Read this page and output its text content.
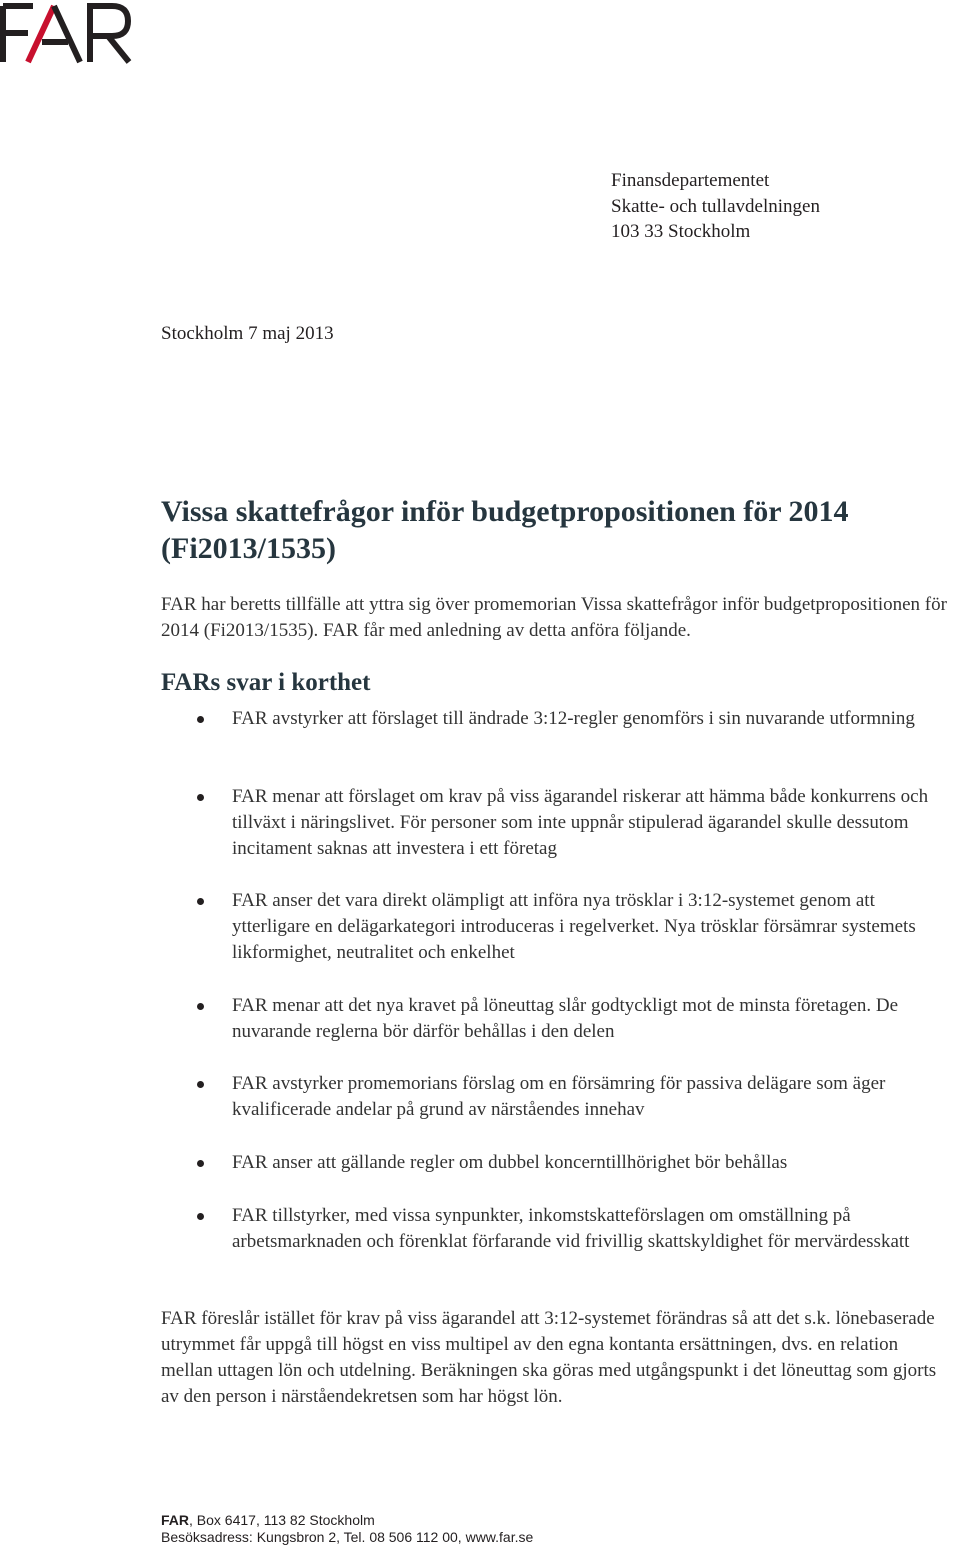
Finansdepartementet
Skatte- och tullavdelningen
103 33 Stockholm
Stockholm 7 maj 2013
Vissa skattefrågor inför budgetpropositionen för 2014 (Fi2013/1535)

FAR har beretts tillfälle att yttra sig över promemorian Vissa skattefrågor inför budgetpropositionen för 2014 (Fi2013/1535). FAR får med anledning av detta anföra följande.

FARs svar i korthet
FAR avstyrker att förslaget till ändrade 3:12-regler genomförs i sin nuvarande utformning
FAR menar att förslaget om krav på viss ägarandel riskerar att hämma både konkurrens och tillväxt i näringslivet. För personer som inte uppnår stipulerad ägarandel skulle dessutom incitament saknas att investera i ett företag
FAR anser det vara direkt olämpligt att införa nya trösklar i 3:12-systemet genom att ytterligare en delägarkategori introduceras i regelverket. Nya trösklar försämrar systemets likformighet, neutralitet och enkelhet
FAR menar att det nya kravet på löneuttag slår godtyckligt mot de minsta företagen. De nuvarande reglerna bör därför behållas i den delen
FAR avstyrker promemorians förslag om en försämring för passiva delägare som äger kvalificerade andelar på grund av närståendes innehav
FAR anser att gällande regler om dubbel koncerntillhörighet bör behållas
FAR tillstyrker, med vissa synpunkter, inkomstskatteförslagen om omställning på arbetsmarknaden och förenklat förfarande vid frivillig skattskyldighet för mervärdesskatt

FAR föreslår istället för krav på viss ägarandel att 3:12-systemet förändras så att det s.k. lönebaserade utrymmet får uppgå till högst en viss multipel av den egna kontanta ersättningen, dvs. en relation mellan uttagen lön och utdelning. Beräkningen ska göras med utgångspunkt i det löneuttag som gjorts av den person i närståendekretsen som har högst lön.

FAR, Box 6417, 113 82 Stockholm
Besöksadress: Kungsbron 2, Tel. 08 506 112 00, www.far.se
